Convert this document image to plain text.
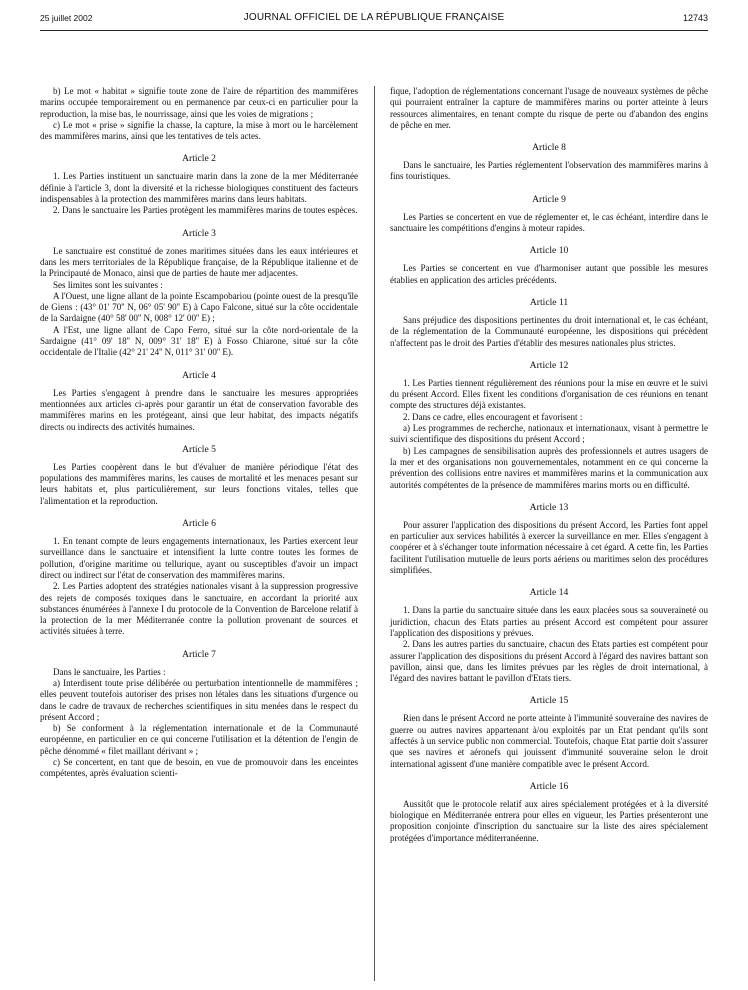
25 juillet 2002	JOURNAL OFFICIEL DE LA RÉPUBLIQUE FRANÇAISE	12743

b) Le mot « habitat » signifie toute zone de l'aire de répartition des mammifères marins occupée temporairement ou en permanence par ceux-ci en particulier pour la reproduction, la mise bas, le nourrissage, ainsi que les voies de migrations ;

c) Le mot « prise » signifie la chasse, la capture, la mise à mort ou le harcèlement des mammifères marins, ainsi que les tentatives de tels actes.

Article 2

1. Les Parties instituent un sanctuaire marin dans la zone de la mer Méditerranée définie à l'article 3, dont la diversité et la richesse biologiques constituent des facteurs indispensables à la protection des mammifères marins dans leurs habitats.

2. Dans le sanctuaire les Parties protègent les mammifères marins de toutes espèces.

Article 3

Le sanctuaire est constitué de zones maritimes situées dans les eaux intérieures et dans les mers territoriales de la République française, de la République italienne et de la Principauté de Monaco, ainsi que de parties de haute mer adjacentes.

Ses limites sont les suivantes :

A l'Ouest, une ligne allant de la pointe Escampobariou (pointe ouest de la presqu'île de Giens : (43° 01' 70'' N, 06° 05' 90'' E) à Capo Falcone, situé sur la côte occidentale de la Sardaigne (40° 58' 00'' N, 008° 12' 00'' E) ;

A l'Est, une ligne allant de Capo Ferro, situé sur la côte nord-orientale de la Sardaigne (41° 09' 18'' N, 009° 31' 18'' E) à Fosso Chiarone, situé sur la côte occidentale de l'Italie (42° 21' 24'' N, 011° 31' 00'' E).

Article 4

Les Parties s'engagent à prendre dans le sanctuaire les mesures appropriées mentionnées aux articles ci-après pour garantir un état de conservation favorable des mammifères marins en les protégeant, ainsi que leur habitat, des impacts négatifs directs ou indirects des activités humaines.

Article 5

Les Parties coopèrent dans le but d'évaluer de manière périodique l'état des populations des mammifères marins, les causes de mortalité et les menaces pesant sur leurs habitats et, plus particulièrement, sur leurs fonctions vitales, telles que l'alimentation et la reproduction.

Article 6

1. En tenant compte de leurs engagements internationaux, les Parties exercent leur surveillance dans le sanctuaire et intensifient la lutte contre toutes les formes de pollution, d'origine maritime ou tellurique, ayant ou susceptibles d'avoir un impact direct ou indirect sur l'état de conservation des mammifères marins.

2. Les Parties adoptent des stratégies nationales visant à la suppression progressive des rejets de composés toxiques dans le sanctuaire, en accordant la priorité aux substances énumérées à l'annexe I du protocole de la Convention de Barcelone relatif à la protection de la mer Méditerranée contre la pollution provenant de sources et activités situées à terre.

Article 7

Dans le sanctuaire, les Parties :

a) Interdisent toute prise délibérée ou perturbation intentionnelle de mammifères ; elles peuvent toutefois autoriser des prises non létales dans les situations d'urgence ou dans le cadre de travaux de recherches scientifiques in situ menées dans le respect du présent Accord ;

b) Se conforment à la réglementation internationale et de la Communauté européenne, en particulier en ce qui concerne l'utilisation et la détention de l'engin de pêche dénommé « filet maillant dérivant » ;

c) Se concertent, en tant que de besoin, en vue de promouvoir dans les enceintes compétentes, après évaluation scienti-

fique, l'adoption de réglementations concernant l'usage de nouveaux systèmes de pêche qui pourraient entraîner la capture de mammifères marins ou porter atteinte à leurs ressources alimentaires, en tenant compte du risque de perte ou d'abandon des engins de pêche en mer.

Article 8

Dans le sanctuaire, les Parties réglementent l'observation des mammifères marins à fins touristiques.

Article 9

Les Parties se concertent en vue de réglementer et, le cas échéant, interdire dans le sanctuaire les compétitions d'engins à moteur rapides.

Article 10

Les Parties se concertent en vue d'harmoniser autant que possible les mesures établies en application des articles précédents.

Article 11

Sans préjudice des dispositions pertinentes du droit international et, le cas échéant, de la réglementation de la Communauté européenne, les dispositions qui précèdent n'affectent pas le droit des Parties d'établir des mesures nationales plus strictes.

Article 12

1. Les Parties tiennent régulièrement des réunions pour la mise en œuvre et le suivi du présent Accord. Elles fixent les conditions d'organisation de ces réunions en tenant compte des structures déjà existantes.

2. Dans ce cadre, elles encouragent et favorisent :

a) Les programmes de recherche, nationaux et internationaux, visant à permettre le suivi scientifique des dispositions du présent Accord ;

b) Les campagnes de sensibilisation auprès des professionnels et autres usagers de la mer et des organisations non gouvernementales, notamment en ce qui concerne la prévention des collisions entre navires et mammifères marins et la communication aux autorités compétentes de la présence de mammifères marins morts ou en difficulté.

Article 13

Pour assurer l'application des dispositions du présent Accord, les Parties font appel en particulier aux services habilités à exercer la surveillance en mer. Elles s'engagent à coopérer et à s'échanger toute information nécessaire à cet égard. A cette fin, les Parties facilitent l'utilisation mutuelle de leurs ports aériens ou maritimes selon des procédures simplifiées.

Article 14

1. Dans la partie du sanctuaire située dans les eaux placées sous sa souveraineté ou juridiction, chacun des Etats parties au présent Accord est compétent pour assurer l'application des dispositions y prévues.

2. Dans les autres parties du sanctuaire, chacun des Etats parties est compétent pour assurer l'application des dispositions du présent Accord à l'égard des navires battant son pavillon, ainsi que, dans les limites prévues par les règles de droit international, à l'égard des navires battant le pavillon d'Etats tiers.

Article 15

Rien dans le présent Accord ne porte atteinte à l'immunité souveraine des navires de guerre ou autres navires appartenant à/ou exploités par un Etat pendant qu'ils sont affectés à un service public non commercial. Toutefois, chaque Etat partie doit s'assurer que ses navires et aéronefs qui jouissent d'immunité souveraine selon le droit international agissent d'une manière compatible avec le présent Accord.

Article 16

Aussitôt que le protocole relatif aux aires spécialement protégées et à la diversité biologique en Méditerranée entrera pour elles en vigueur, les Parties présenteront une proposition conjointe d'inscription du sanctuaire sur la liste des aires spécialement protégées d'importance méditerranéenne.
